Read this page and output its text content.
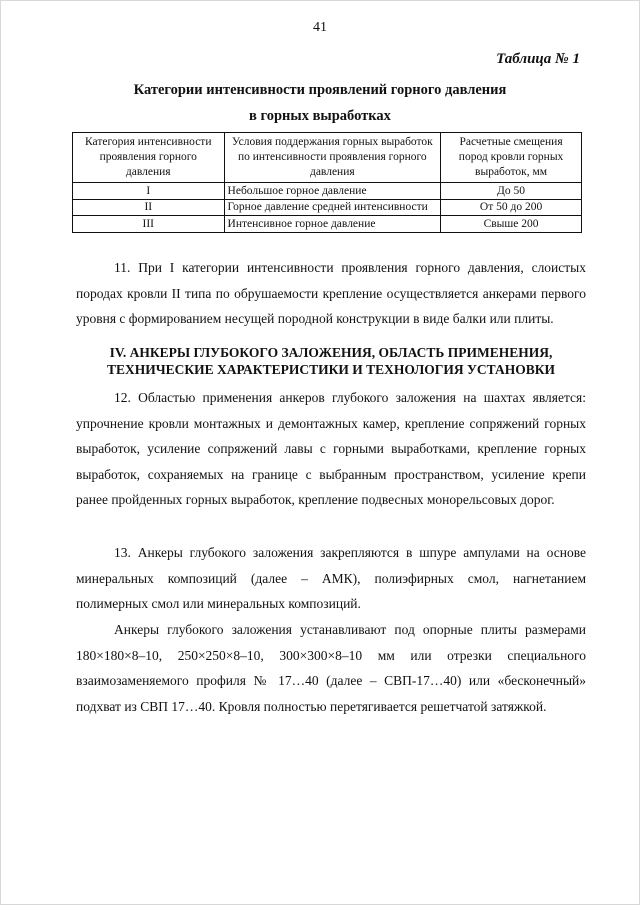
41
Таблица № 1
Категории интенсивности проявлений горного давления
в горных выработках
Категория интенсивности проявления горного давления	Условия поддержания горных выработок по интенсивности проявления горного давления	Расчетные смещения пород кровли горных выработок, мм
I	Небольшое горное давление	До 50
II	Горное давление средней интенсивности	От 50 до 200
III	Интенсивное горное давление	Свыше 200

11. При I категории интенсивности проявления горного давления, слоистых породах кровли II типа по обрушаемости крепление осуществляется анкерами первого уровня с формированием несущей породной конструкции в виде балки или плиты.

IV. АНКЕРЫ ГЛУБОКОГО ЗАЛОЖЕНИЯ, ОБЛАСТЬ ПРИМЕНЕНИЯ,
ТЕХНИЧЕСКИЕ ХАРАКТЕРИСТИКИ И ТЕХНОЛОГИЯ УСТАНОВКИ

12. Областью применения анкеров глубокого заложения на шахтах является: упрочнение кровли монтажных и демонтажных камер, крепление сопряжений горных выработок, усиление сопряжений лавы с горными выработками, крепление горных выработок, сохраняемых на границе с выбранным пространством, усиление крепи ранее пройденных горных выработок, крепление подвесных монорельсовых дорог.

13. Анкеры глубокого заложения закрепляются в шпуре ампулами на основе минеральных композиций (далее – АМК), полиэфирных смол, нагнетанием полимерных смол или минеральных композиций.

Анкеры глубокого заложения устанавливают под опорные плиты размерами 180×180×8–10, 250×250×8–10, 300×300×8–10 мм или отрезки специального взаимозаменяемого профиля № 17…40 (далее – СВП-17…40) или «бесконечный» подхват из СВП 17…40. Кровля полностью перетягивается решетчатой затяжкой.
